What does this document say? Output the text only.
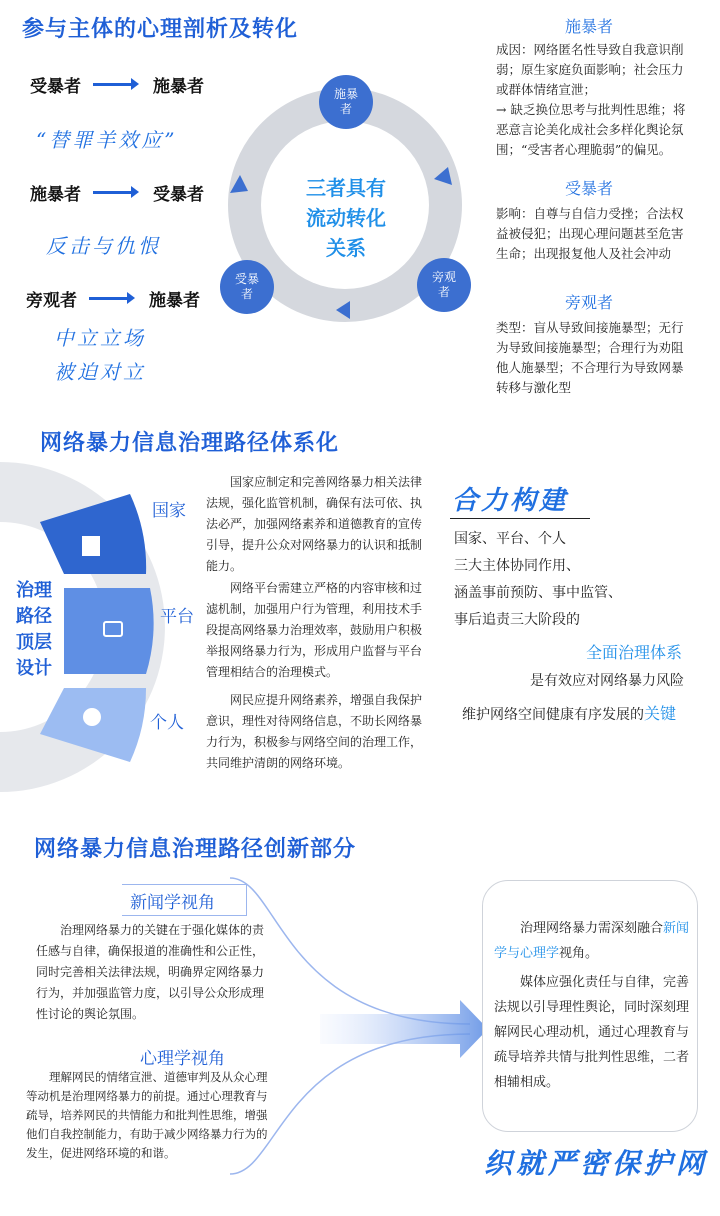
参与主体的心理剖析及转化
受暴者	施暴者
“替罪羊效应”
施暴者	受暴者
反击与仇恨
旁观者	施暴者
中立立场
被迫对立
三者具有
流动转化
关系
施暴
者
受暴
者
旁观
者
施暴者
成因：网络匿名性导致自我意识削弱；原生家庭负面影响；社会压力或群体情绪宣泄；
→ 缺乏换位思考与批判性思维；将恶意言论美化成社会多样化舆论氛围；“受害者心理脆弱”的偏见。
受暴者
影响：自尊与自信力受挫；合法权益被侵犯；出现心理问题甚至危害生命；出现报复他人及社会冲动
旁观者
类型：盲从导致间接施暴型；无行为导致间接施暴型；合理行为劝阻他人施暴型；不合理行为导致网暴转移与激化型
网络暴力信息治理路径体系化
治理
路径
顶层
设计
国家
平台
个人
国家应制定和完善网络暴力相关法律法规，强化监管机制，确保有法可依、执法必严，加强网络素养和道德教育的宣传引导，提升公众对网络暴力的认识和抵制能力。
网络平台需建立严格的内容审核和过滤机制，加强用户行为管理，利用技术手段提高网络暴力治理效率，鼓励用户积极举报网络暴力行为，形成用户监督与平台管理相结合的治理模式。
网民应提升网络素养，增强自我保护意识，理性对待网络信息，不助长网络暴力行为，积极参与网络空间的治理工作，共同维护清朗的网络环境。
合力构建
国家、平台、个人
三大主体协同作用、
涵盖事前预防、事中监管、
事后追责三大阶段的
全面治理体系
是有效应对网络暴力风险
维护网络空间健康有序发展的关键
网络暴力信息治理路径创新部分
新闻学视角
治理网络暴力的关键在于强化媒体的责任感与自律，确保报道的准确性和公正性，同时完善相关法律法规，明确界定网络暴力行为，并加强监管力度，以引导公众形成理性讨论的舆论氛围。
心理学视角
理解网民的情绪宣泄、道德审判及从众心理等动机是治理网络暴力的前提。通过心理教育与疏导，培养网民的共情能力和批判性思维，增强他们自我控制能力，有助于减少网络暴力行为的发生，促进网络环境的和谐。
治理网络暴力需深刻融合新闻学与心理学视角。
媒体应强化责任与自律，完善法规以引导理性舆论，同时深刻理解网民心理动机，通过心理教育与疏导培养共情与批判性思维，二者相辅相成。
织就严密保护网
